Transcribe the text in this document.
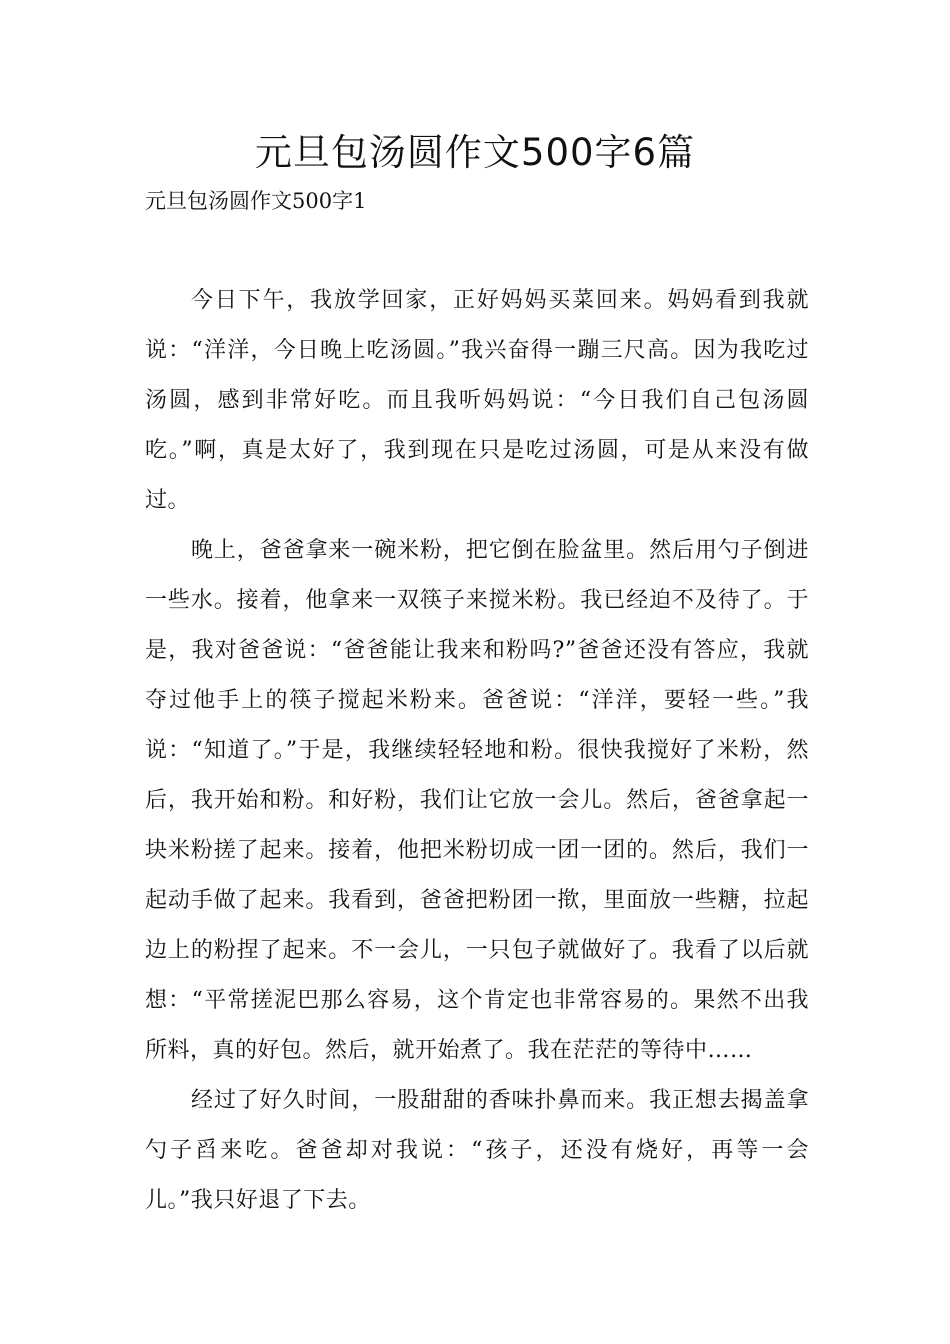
元旦包汤圆作文500字6篇
元旦包汤圆作文500字1

今日下午，我放学回家，正好妈妈买菜回来。妈妈看到我就说：“洋洋，今日晚上吃汤圆。”我兴奋得一蹦三尺高。因为我吃过汤圆，感到非常好吃。而且我听妈妈说：“今日我们自己包汤圆吃。”啊，真是太好了，我到现在只是吃过汤圆，可是从来没有做过。

晚上，爸爸拿来一碗米粉，把它倒在脸盆里。然后用勺子倒进一些水。接着，他拿来一双筷子来搅米粉。我已经迫不及待了。于是，我对爸爸说：“爸爸能让我来和粉吗?”爸爸还没有答应，我就夺过他手上的筷子搅起米粉来。爸爸说：“洋洋，要轻一些。”我说：“知道了。”于是，我继续轻轻地和粉。很快我搅好了米粉，然后，我开始和粉。和好粉，我们让它放一会儿。然后，爸爸拿起一块米粉搓了起来。接着，他把米粉切成一团一团的。然后，我们一起动手做了起来。我看到，爸爸把粉团一揿，里面放一些糖，拉起边上的粉捏了起来。不一会儿，一只包子就做好了。我看了以后就想：“平常搓泥巴那么容易，这个肯定也非常容易的。果然不出我所料，真的好包。然后，就开始煮了。我在茫茫的等待中……

经过了好久时间，一股甜甜的香味扑鼻而来。我正想去揭盖拿勺子舀来吃。爸爸却对我说：“孩子，还没有烧好，再等一会儿。”我只好退了下去。
